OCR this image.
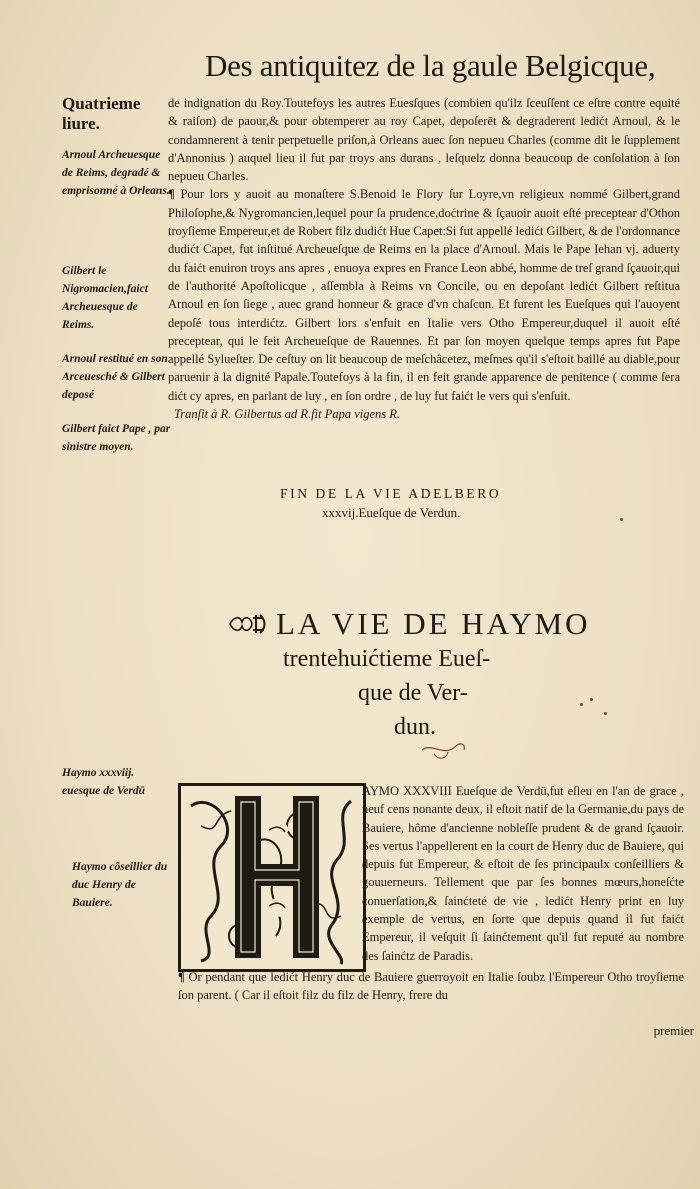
Des antiquitez de la gaule Belgicque,
Quatrieme liure.
Arnoul Archeuesque de Reims, degradé & emprisonné à Orleans.
Gilbert le Nigromacien,faict Archeuesque de Reims.
Arnoul restitué en son Arceuesché & Gilbert deposé
Gilbert faict Pape , par sinistre moyen.

de indignation du Roy.Toutefoys les autres Euesſques (combien qu'ilz ſceuſſent ce eſtre contre equité & raiſon) de paour,& pour obtemperer au roy Capet, depoſerēt & degraderent ledićt Arnoul, & le condamnerent à tenir perpetuelle priſon,à Orleans auec ſon nepueu Charles (comme dit le ſupplement d'Annonius ) auquel lieu il fut par troys ans durans , leſquelz donna beaucoup de conſolation à ſon nepueu Charles.

¶ Pour lors y auoit au monaſtere S.Benoid le Flory ſur Loyre,vn religieux nommé Gilbert,grand Philoſophe,& Nygromancien,lequel pour ſa prudence,doćtrine & ſçauoir auoit eſté preceptear d'Othon troyſieme Empereur,et de Robert filz dudićt Hue Capet:Si fut appellé ledićt Gilbert, & de l'ordonnance dudićt Capet, fut inſtitué Archeueſque de Reims en la place d'Arnoul. Mais le Pape Iehan vj. aduerty du faićt enuiron troys ans apres , enuoya expres en France Leon abbé, homme de treſ grand ſçauoir,qui de l'authorité Apoſtolicque , aſſembla à Reims vn Concile, ou en depoſant ledićt Gilbert reſtitua Arnoul en ſon ſiege , auec grand honneur & grace d'vn chaſcun. Et furent les Eueſques qui l'auoyent depoſé tous interdićtz. Gilbert lors s'enfuit en Italie vers Otho Empereur,duquel il auoit eſté preceptear, qui le feit Archeueſque de Rauennes. Et par ſon moyen quelque temps apres fut Pape appellé Sylueſter. De ceſtuy on lit beaucoup de meſchâcetez, meſmes qu'il s'eſtoit baillé au diable,pour paruenir à la dignité Papale.Toutefoys à la fin, il en feit grande apparence de penitence ( comme ſera dićt cy apres, en parlant de luy , en ſon ordre , de luy fut faićt le vers qui s'enſuit.

Tranſit à R. Gilbertus ad R.fit Papa vigens R.

FIN DE LA VIE ADELBERO
xxxvij.Eueſque de Verdun.
LA VIE DE HAYMO
trentehuićtieme Eueſ-
que de Ver-
dun.
Haymo xxxviij. euesque de Verdū
Haymo cõseillier du duc Henry de Bauiere.
AYMO XXXVIII Eueſque de Verdū,fut eſleu en l'an de grace , neuf cens nonante deux, il eſtoit natif de la Germanie,du pays de Bauiere, hôme d'ancienne nobleſſe prudent & de grand ſçauoir. Ses vertus l'appellerent en la court de Henry duc de Bauiere, qui depuis fut Empereur, & eſtoit de ſes principaulx conſeilliers & gouuerneurs. Tellement que par ſes bonnes mœurs,honeſćte conuerſation,& ſainćteté de vie , ledićt Henry print en luy exemple de vertus, en ſorte que depuis quand il fut faićt Empereur, il veſquit ſi ſainćtement qu'il fut reputé au nombre des ſainćtz de Paradis.

¶ Or pendant que ledićt Henry duc de Bauiere guerroyoit en Italie ſoubz l'Empereur Otho troyſieme ſon parent. ( Car il eſtoit filz du filz de Henry, frere du

premier
